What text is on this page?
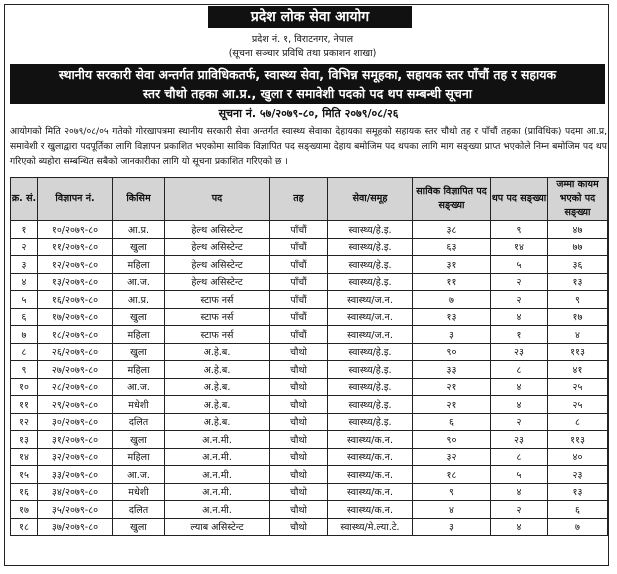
प्रदेश लोक सेवा आयोग
प्रदेश नं. १, विराटनगर, नेपाल
(सूचना सञ्चार प्रविधि तथा प्रकाशन शाखा)
स्थानीय सरकारी सेवा अन्तर्गत प्राविधिकतर्फ, स्वास्थ्य सेवा, विभिन्न समूहका, सहायक स्तर पाँचौं तह र सहायक
स्तर चौथो तहका आ.प्र., खुला र समावेशी पदको पद थप सम्बन्धी सूचना
सूचना नं. ५७/२०७९-८०, मिति २०७९/०८/२६
आयोगको मिति २०७९/०८/०५ गतेको गोरखापत्रमा स्थानीय सरकारी सेवा अन्तर्गत स्वास्थ्य सेवाका देहायका समूहको सहायक स्तर चौथो तह र पाँचौं तहका (प्राविधिक) पदमा आ.प्र, समावेशी र खुलाद्वारा पदपूर्तिका लागि विज्ञापन प्रकाशित भएकोमा साविक विज्ञापित पद सङ्ख्यामा देहाय बमोजिम पद थपका लागि माग सङ्ख्या प्राप्त भएकोले निम्न बमोजिम पद थप गरिएको ब्यहोरा सम्बन्धित सबैको जानकारीका लागि यो सूचना प्रकाशित गरिएको छ ।
क्र. सं.	विज्ञापन नं.	किसिम	पद	तह	सेवा/समूह	साविक विज्ञापित पद सङ्ख्या	थप पद सङ्ख्या	जम्मा कायम भएको पद सङ्ख्या
१	१०/२०७९-८०	आ.प्र.	हेल्थ असिस्टेन्ट	पाँचौं	स्वास्थ्य/हे.इ.	३८	९	४७
२	११/२०७९-८०	खुला	हेल्थ असिस्टेन्ट	पाँचौं	स्वास्थ्य/हे.इ.	६३	१४	७७
३	१२/२०७९-८०	महिला	हेल्थ असिस्टेन्ट	पाँचौं	स्वास्थ्य/हे.इ.	३१	५	३६
४	१३/२०७९-८०	आ.ज.	हेल्थ असिस्टेन्ट	पाँचौं	स्वास्थ्य/हे.इ.	११	२	१३
५	१६/२०७९-८०	आ.प्र.	स्टाफ नर्स	पाँचौं	स्वास्थ्य/ज.न.	७	२	९
६	१७/२०७९-८०	खुला	स्टाफ नर्स	पाँचौं	स्वास्थ्य/ज.न.	१३	४	१७
७	१८/२०७९-८०	महिला	स्टाफ नर्स	पाँचौं	स्वास्थ्य/ज.न.	३	१	४
८	२६/२०७९-८०	खुला	अ.हे.ब.	चौथो	स्वास्थ्य/हे.इ.	९०	२३	११३
९	२७/२०७९-८०	महिला	अ.हे.ब.	चौथो	स्वास्थ्य/हे.इ.	३३	८	४१
१०	२८/२०७९-८०	आ.ज.	अ.हे.ब.	चौथो	स्वास्थ्य/हे.इ.	२१	४	२५
११	२९/२०७९-८०	मधेशी	अ.हे.ब.	चौथो	स्वास्थ्य/हे.इ.	२१	४	२५
१२	३०/२०७९-८०	दलित	अ.हे.ब.	चौथो	स्वास्थ्य/हे.इ.	६	२	८
१३	३१/२०७९-८०	खुला	अ.न.मी.	चौथो	स्वास्थ्य/क.न.	९०	२३	११३
१४	३२/२०७९-८०	महिला	अ.न.मी.	चौथो	स्वास्थ्य/क.न.	३२	८	४०
१५	३३/२०७९-८०	आ.ज.	अ.न.मी.	चौथो	स्वास्थ्य/क.न.	१८	५	२३
१६	३४/२०७९-८०	मधेशी	अ.न.मी.	चौथो	स्वास्थ्य/क.न.	९	४	१३
१७	३५/२०७९-८०	दलित	अ.न.मी.	चौथो	स्वास्थ्य/क.न.	४	२	६
१८	३७/२०७९-८०	खुला	ल्याब असिस्टेन्ट	चौथो	स्वास्थ्य/मे.ल्या.टे.	३	४	७
